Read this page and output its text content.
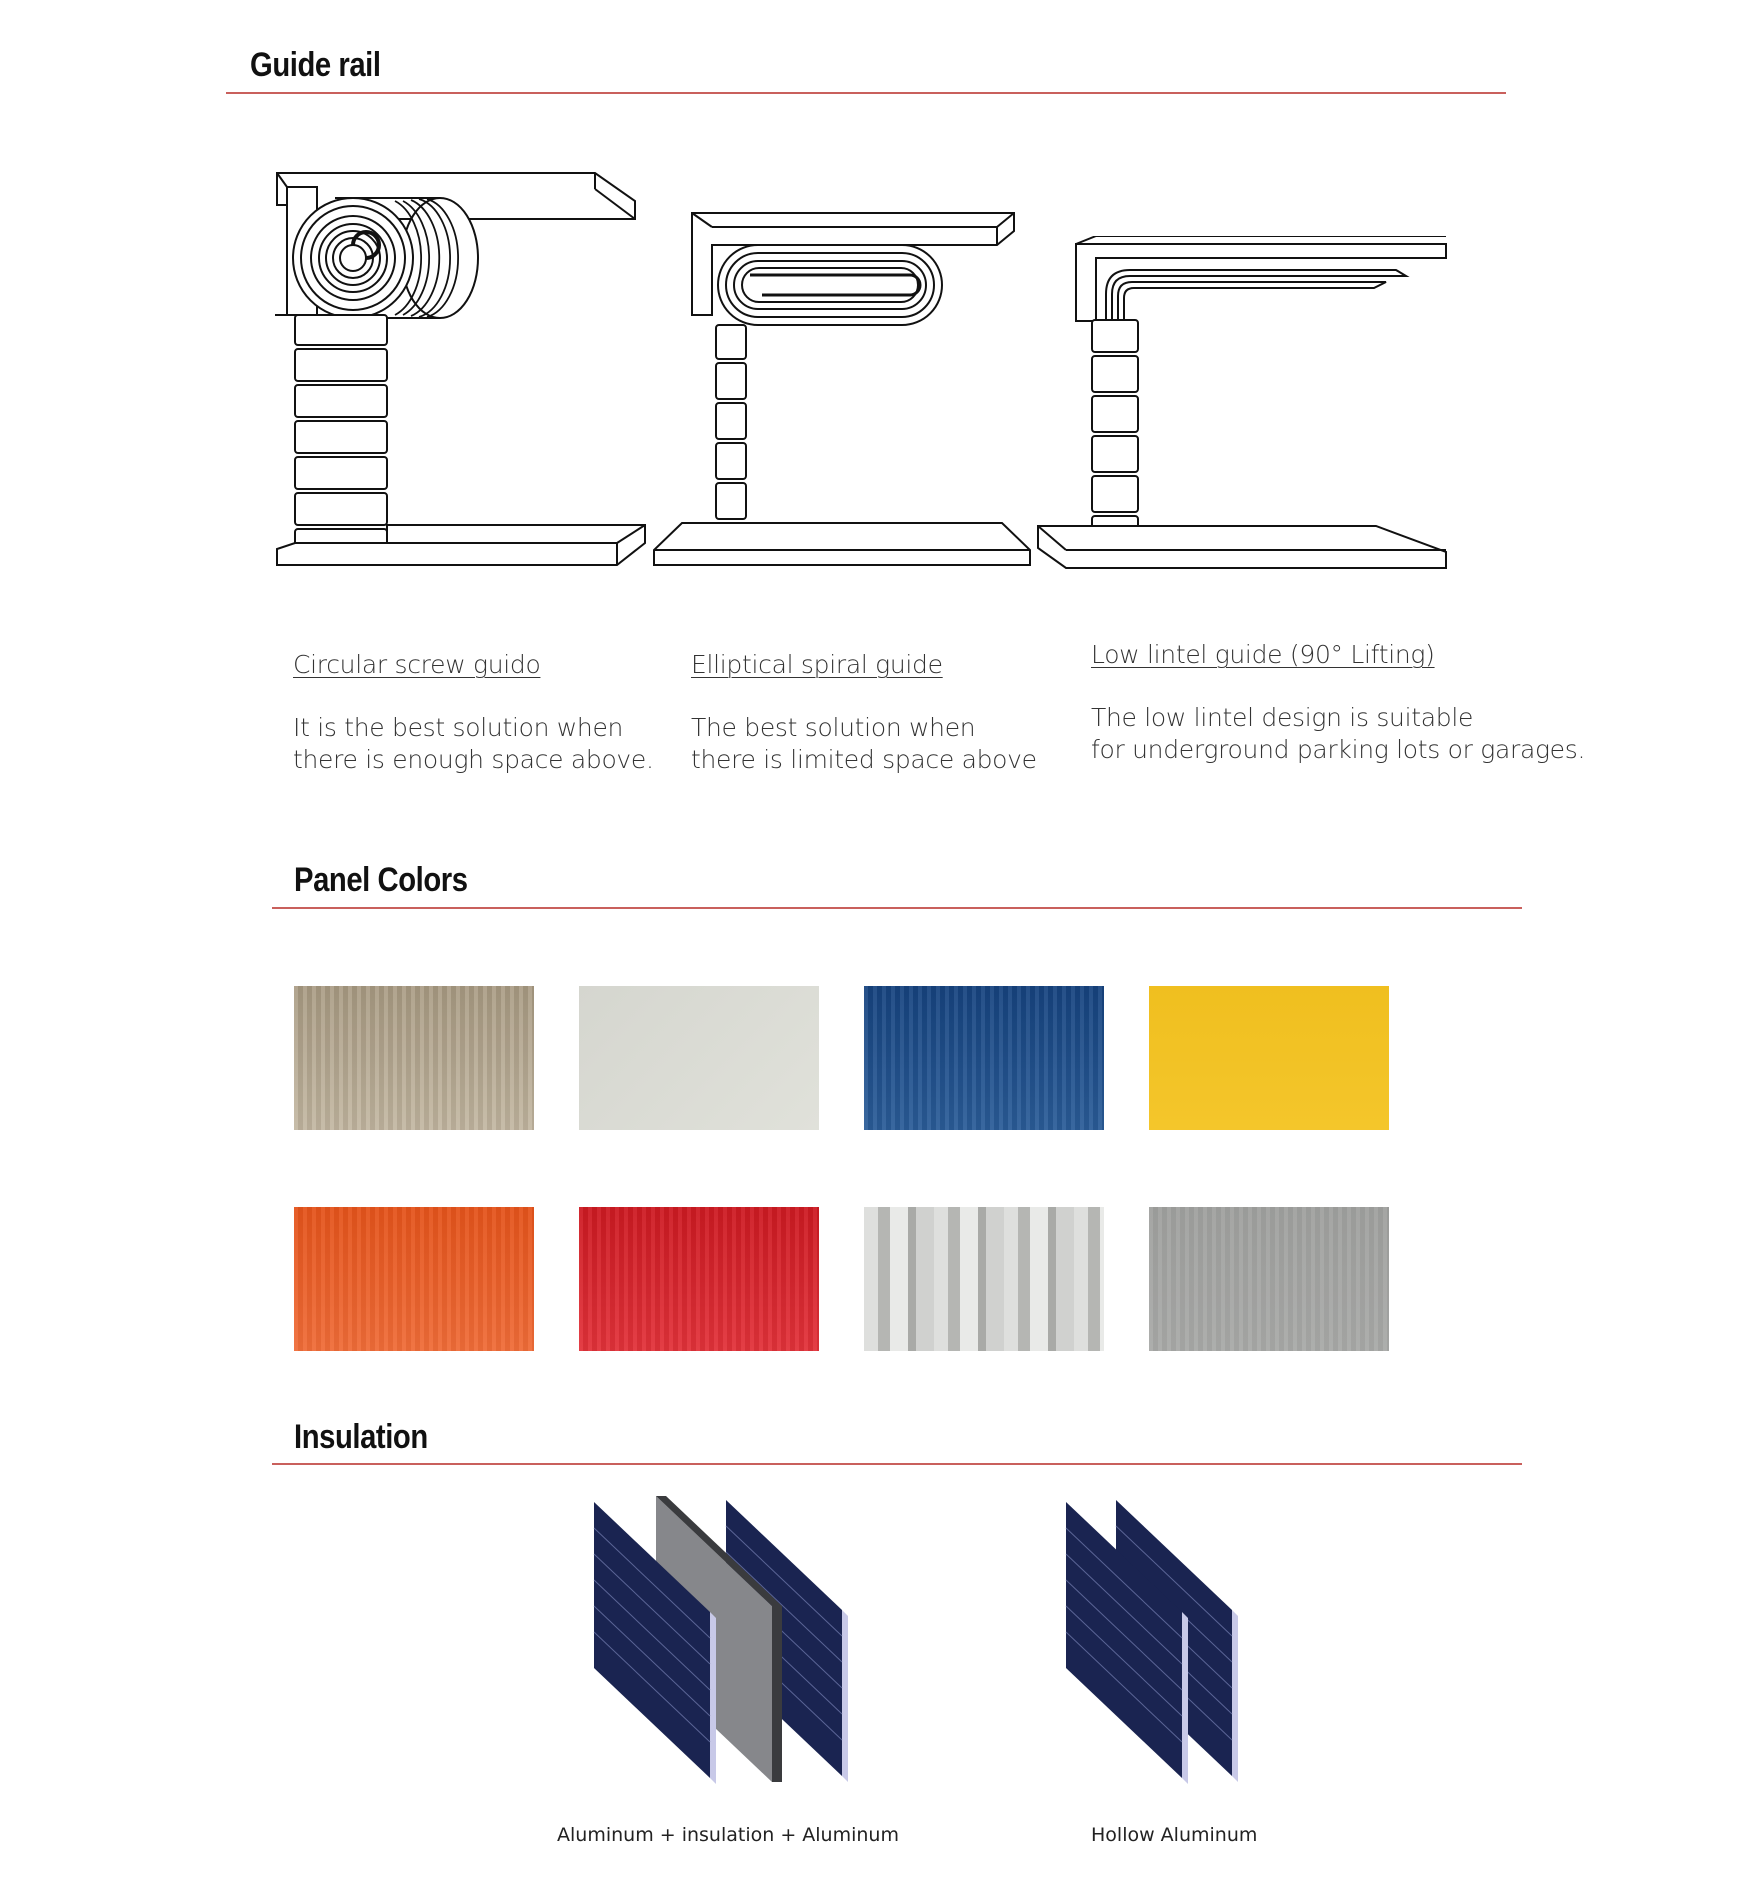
Guide rail
Circular screw guido
It is the best solution when
there is enough space above.
Elliptical spiral guide
The best solution when
there is limited space above
Low lintel guide (90° Lifting)
The low lintel design is suitable
for underground parking lots or garages.
Panel Colors
Insulation
Aluminum + insulation + Aluminum	Hollow Aluminum
